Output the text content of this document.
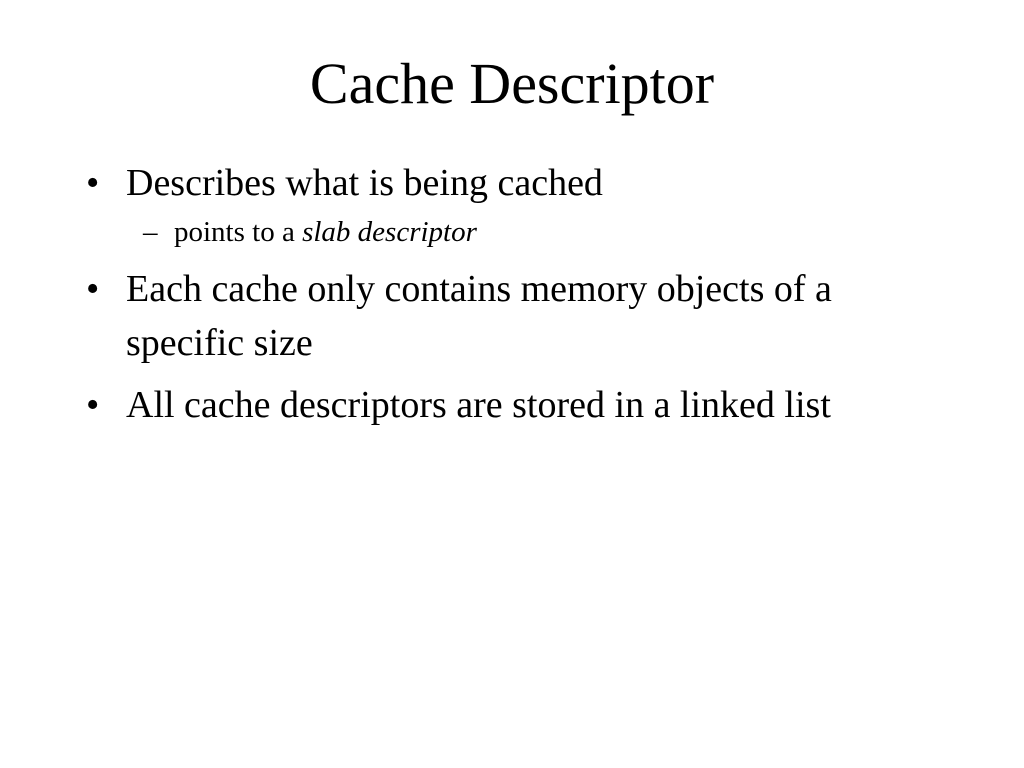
Cache Descriptor
• Describes what is being cached
– points to a slab descriptor
• Each cache only contains memory objects of a specific size
• All cache descriptors are stored in a linked list
